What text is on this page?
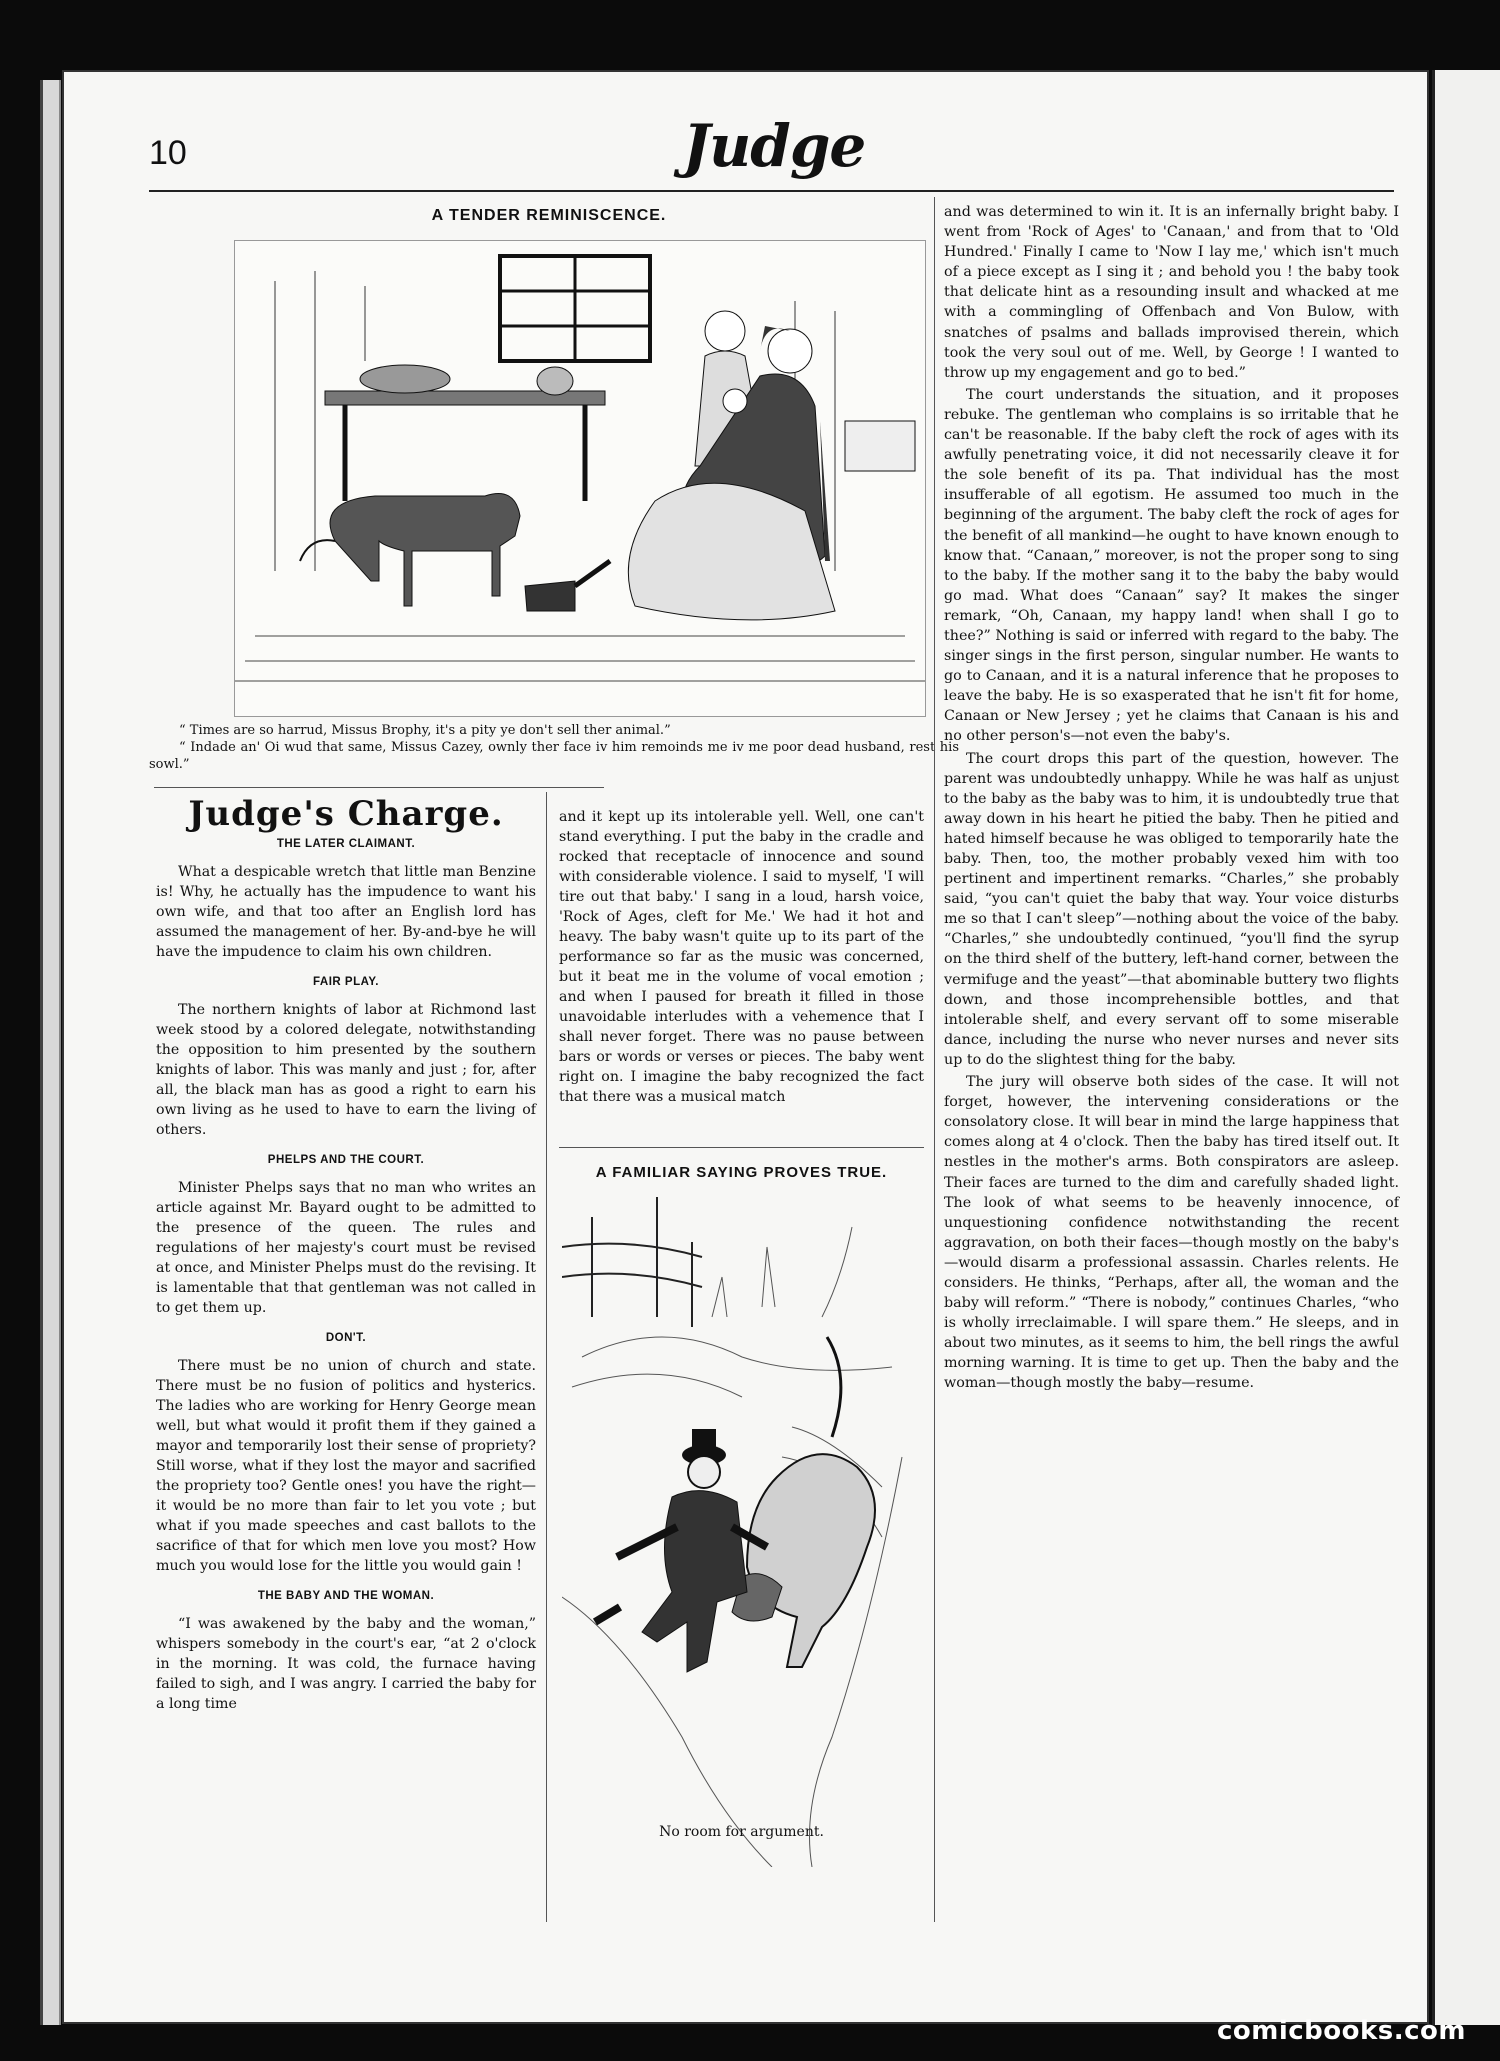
10	Judge
A TENDER REMINISCENCE.

“ Times are so harrud, Missus Brophy, it's a pity ye don't sell ther animal.”

“ Indade an' Oi wud that same, Missus Cazey, ownly ther face iv him remoinds me iv me poor dead husband, rest his sowl.”

Judge's Charge.
THE LATER CLAIMANT.

What a despicable wretch that little man Benzine is! Why, he actually has the impudence to want his own wife, and that too after an English lord has assumed the management of her. By-and-bye he will have the impudence to claim his own children.

FAIR PLAY.

The northern knights of labor at Richmond last week stood by a colored delegate, notwithstanding the opposition to him presented by the southern knights of labor. This was manly and just ; for, after all, the black man has as good a right to earn his own living as he used to have to earn the living of others.

PHELPS AND THE COURT.

Minister Phelps says that no man who writes an article against Mr. Bayard ought to be admitted to the presence of the queen. The rules and regulations of her majesty's court must be revised at once, and Minister Phelps must do the revising. It is lamentable that that gentleman was not called in to get them up.

DON'T.

There must be no union of church and state. There must be no fusion of politics and hysterics. The ladies who are working for Henry George mean well, but what would it profit them if they gained a mayor and temporarily lost their sense of propriety? Still worse, what if they lost the mayor and sacrified the propriety too? Gentle ones! you have the right—it would be no more than fair to let you vote ; but what if you made speeches and cast ballots to the sacrifice of that for which men love you most? How much you would lose for the little you would gain !

THE BABY AND THE WOMAN.

“I was awakened by the baby and the woman,” whispers somebody in the court's ear, “at 2 o'clock in the morning. It was cold, the furnace having failed to sigh, and I was angry. I carried the baby for a long time

and it kept up its intolerable yell. Well, one can't stand everything. I put the baby in the cradle and rocked that receptacle of innocence and sound with considerable violence. I said to myself, 'I will tire out that baby.' I sang in a loud, harsh voice, 'Rock of Ages, cleft for Me.' We had it hot and heavy. The baby wasn't quite up to its part of the performance so far as the music was concerned, but it beat me in the volume of vocal emotion ; and when I paused for breath it filled in those unavoidable interludes with a vehemence that I shall never forget. There was no pause between bars or words or verses or pieces. The baby went right on. I imagine the baby recognized the fact that there was a musical match

A FAMILIAR SAYING PROVES TRUE.
No room for argument.

and was determined to win it. It is an infernally bright baby. I went from 'Rock of Ages' to 'Canaan,' and from that to 'Old Hundred.' Finally I came to 'Now I lay me,' which isn't much of a piece except as I sing it ; and behold you ! the baby took that delicate hint as a resounding insult and whacked at me with a commingling of Offenbach and Von Bulow, with snatches of psalms and ballads improvised therein, which took the very soul out of me. Well, by George ! I wanted to throw up my engagement and go to bed.”

The court understands the situation, and it proposes rebuke. The gentleman who complains is so irritable that he can't be reasonable. If the baby cleft the rock of ages with its awfully penetrating voice, it did not necessarily cleave it for the sole benefit of its pa. That individual has the most insufferable of all egotism. He assumed too much in the beginning of the argument. The baby cleft the rock of ages for the benefit of all mankind—he ought to have known enough to know that. “Canaan,” moreover, is not the proper song to sing to the baby. If the mother sang it to the baby the baby would go mad. What does “Canaan” say? It makes the singer remark, “Oh, Canaan, my happy land! when shall I go to thee?” Nothing is said or inferred with regard to the baby. The singer sings in the first person, singular number. He wants to go to Canaan, and it is a natural inference that he proposes to leave the baby. He is so exasperated that he isn't fit for home, Canaan or New Jersey ; yet he claims that Canaan is his and no other person's—not even the baby's.

The court drops this part of the question, however. The parent was undoubtedly unhappy. While he was half as unjust to the baby as the baby was to him, it is undoubtedly true that away down in his heart he pitied the baby. Then he pitied and hated himself because he was obliged to temporarily hate the baby. Then, too, the mother probably vexed him with too pertinent and impertinent remarks. “Charles,” she probably said, “you can't quiet the baby that way. Your voice disturbs me so that I can't sleep”—nothing about the voice of the baby. “Charles,” she undoubtedly continued, “you'll find the syrup on the third shelf of the buttery, left-hand corner, between the vermifuge and the yeast”—that abominable buttery two flights down, and those incomprehensible bottles, and that intolerable shelf, and every servant off to some miserable dance, including the nurse who never nurses and never sits up to do the slightest thing for the baby.

The jury will observe both sides of the case. It will not forget, however, the intervening considerations or the consolatory close. It will bear in mind the large happiness that comes along at 4 o'clock. Then the baby has tired itself out. It nestles in the mother's arms. Both conspirators are asleep. Their faces are turned to the dim and carefully shaded light. The look of what seems to be heavenly innocence, of unquestioning confidence notwithstanding the recent aggravation, on both their faces—though mostly on the baby's—would disarm a professional assassin. Charles relents. He considers. He thinks, “Perhaps, after all, the woman and the baby will reform.” “There is nobody,” continues Charles, “who is wholly irreclaimable. I will spare them.” He sleeps, and in about two minutes, as it seems to him, the bell rings the awful morning warning. It is time to get up. Then the baby and the woman—though mostly the baby—resume.

comicbooks.com
